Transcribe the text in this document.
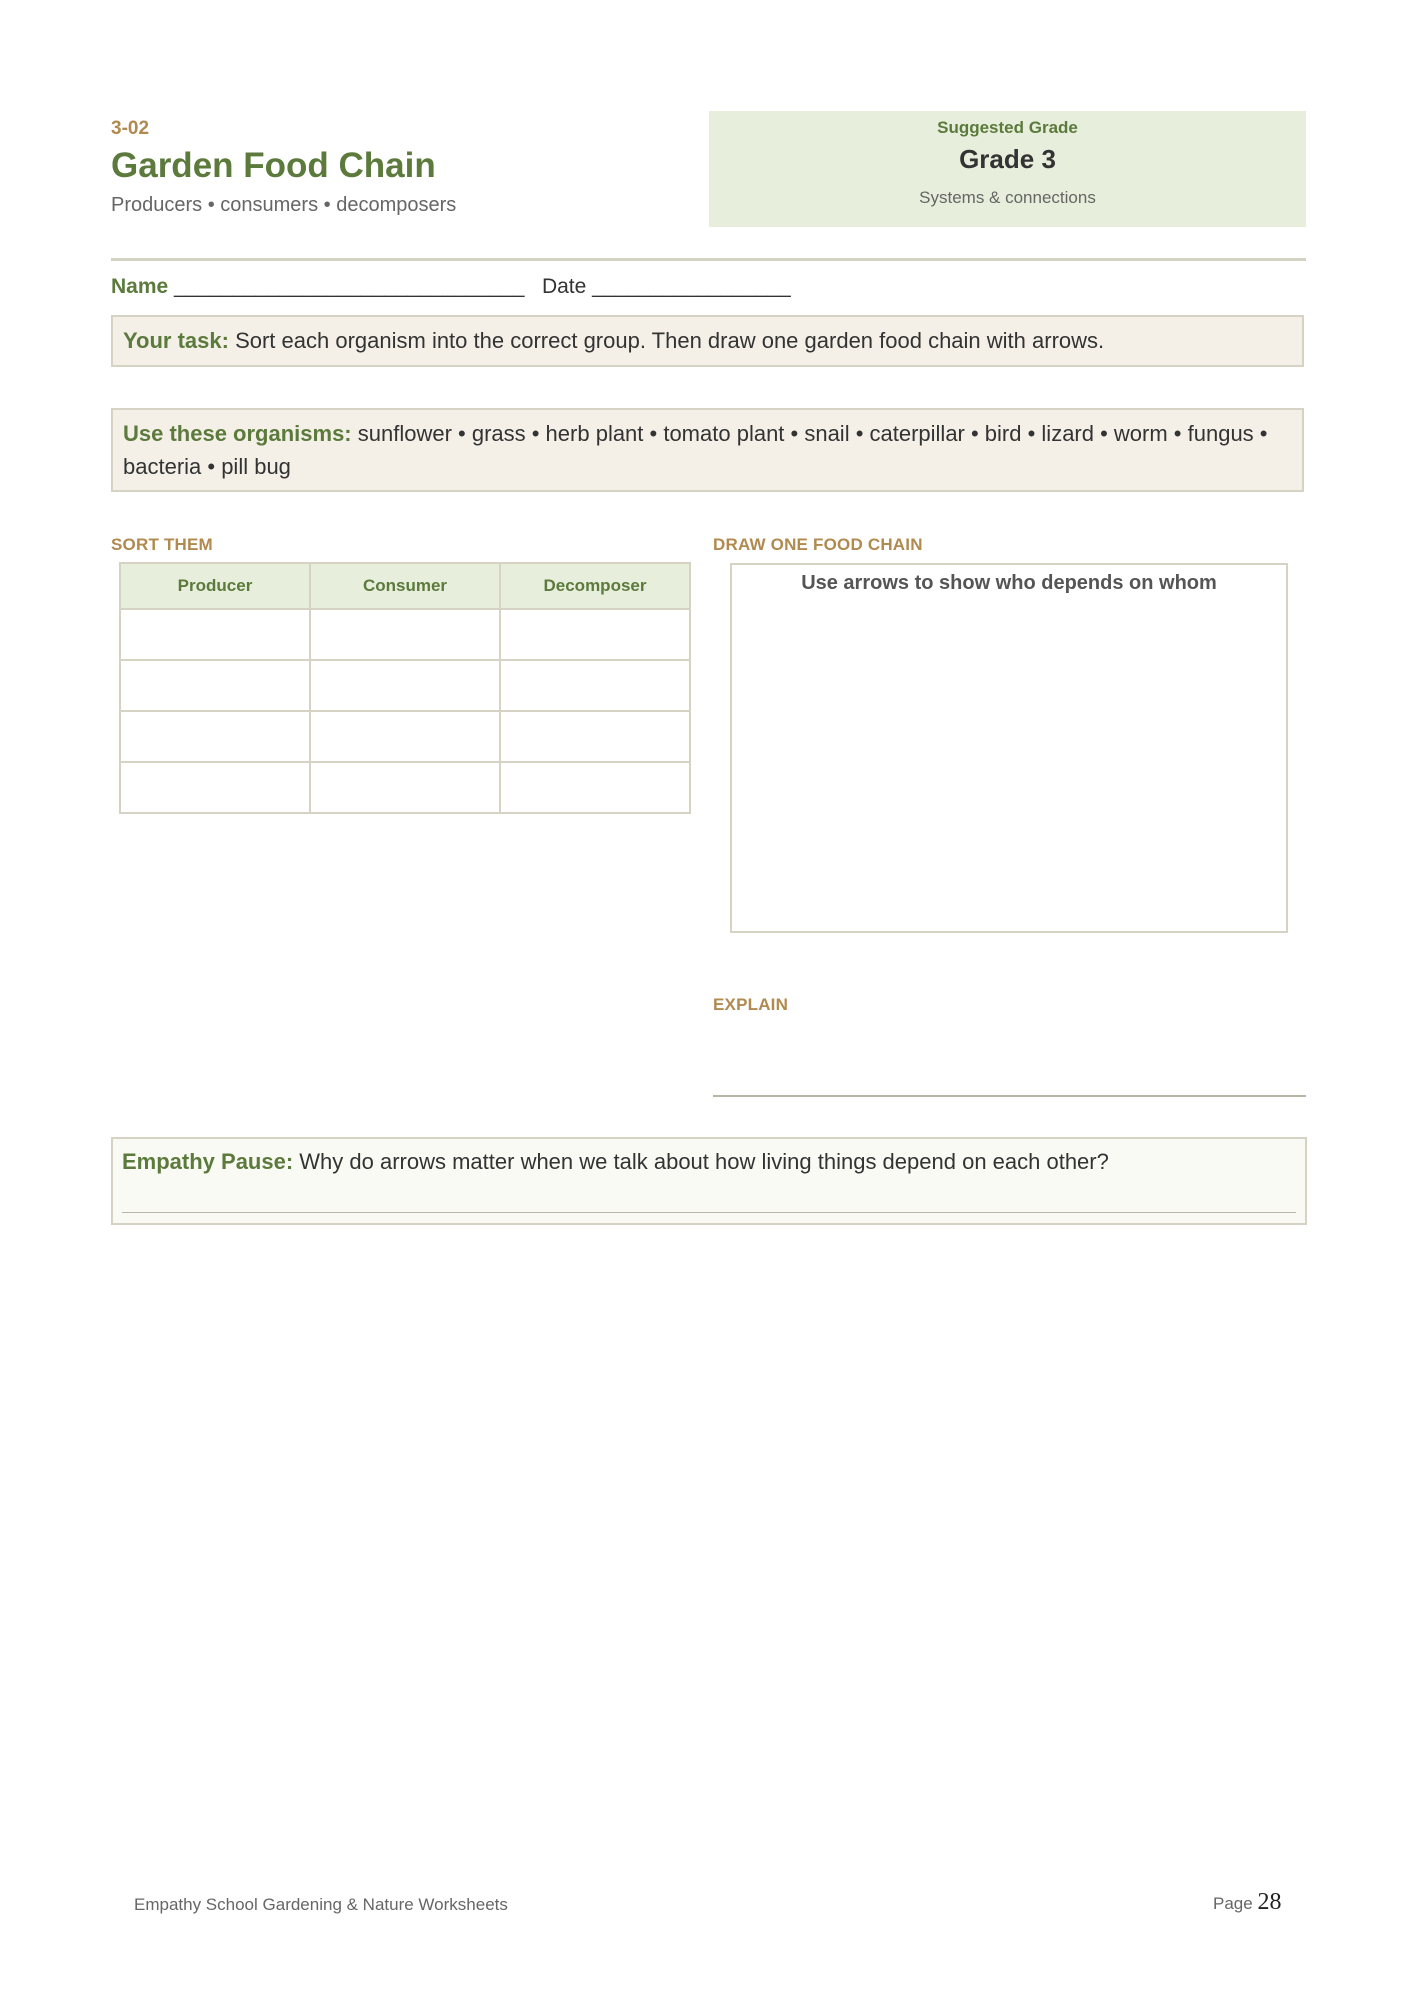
3-02
Garden Food Chain
Producers • consumers • decomposers
Suggested Grade
Grade 3
Systems & connections
Name ______________________________ Date _________________
Your task: Sort each organism into the correct group. Then draw one garden food chain with arrows.
Use these organisms: sunflower • grass • herb plant • tomato plant • snail • caterpillar • bird • lizard • worm • fungus • bacteria • pill bug
SORT THEM	DRAW ONE FOOD CHAIN
Producer	Consumer	Decomposer

			Use arrows to show who depends on whom
EXPLAIN
Empathy Pause: Why do arrows matter when we talk about how living things depend on each other?
Empathy School Gardening & Nature Worksheets	Page 28
